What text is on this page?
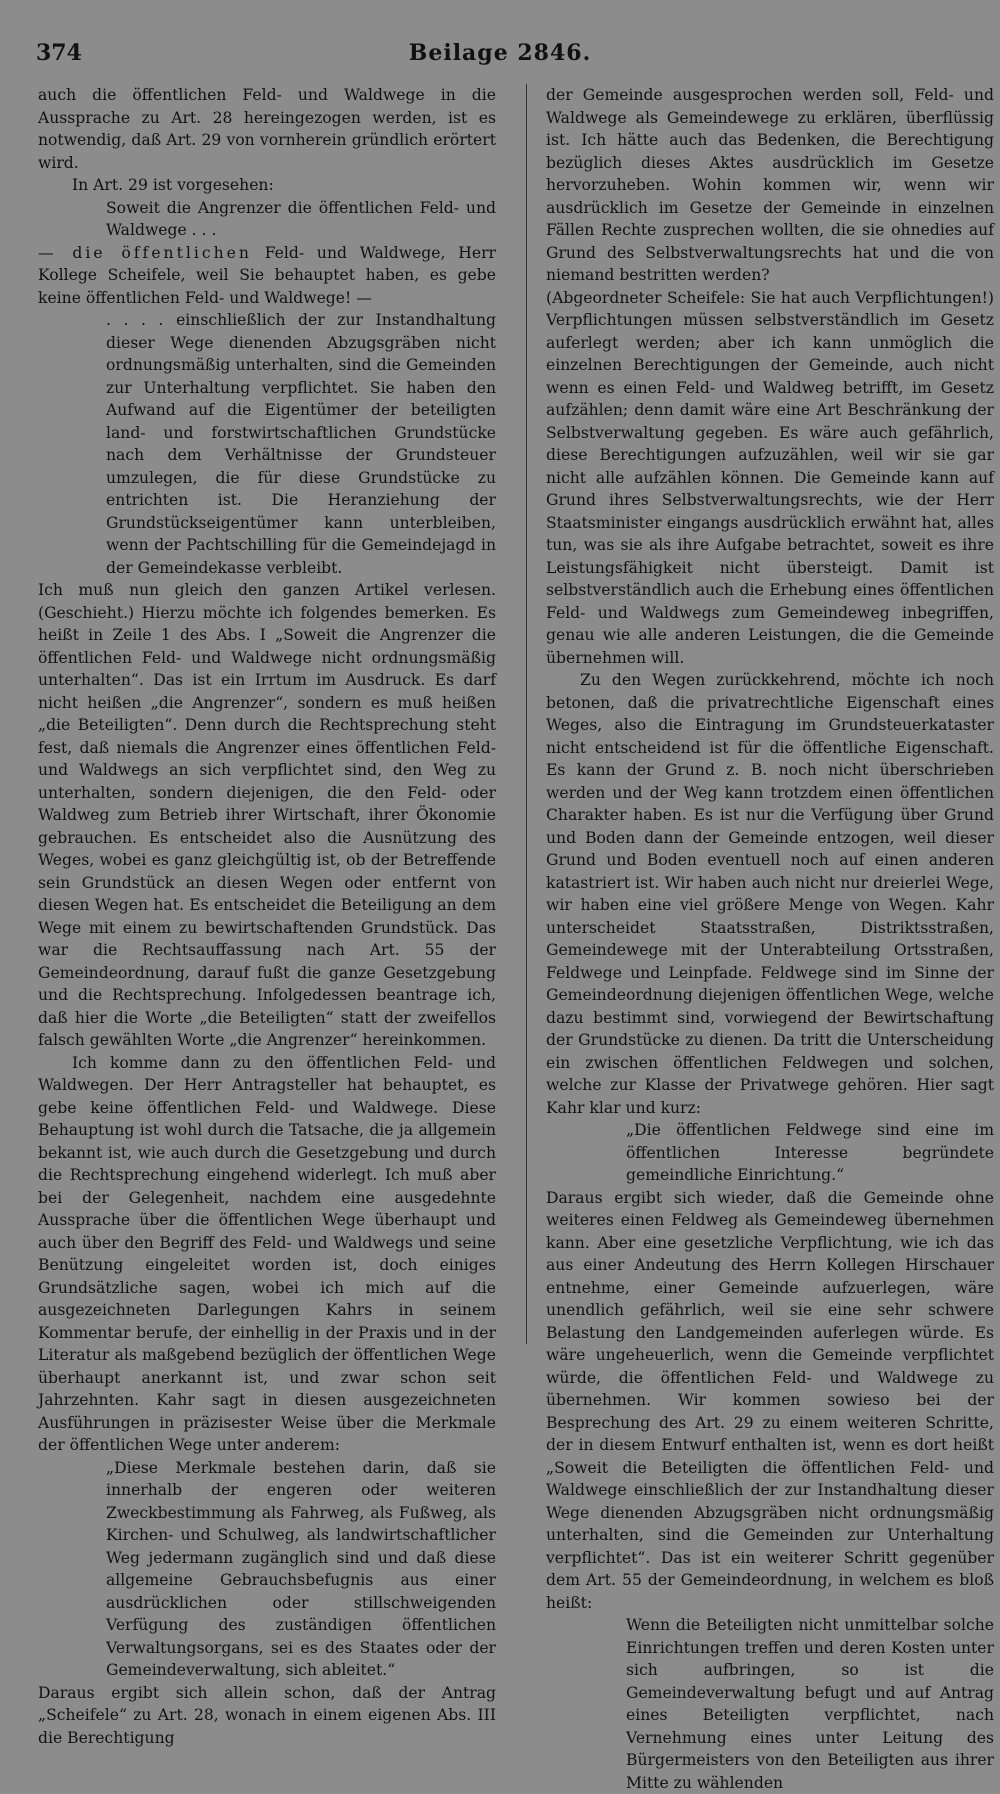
374	Beilage 2846.

auch die öffentlichen Feld- und Waldwege in die Aussprache zu Art. 28 hereingezogen werden, ist es notwendig, daß Art. 29 von vornherein gründlich erörtert wird.

In Art. 29 ist vorgesehen:

Soweit die Angrenzer die öffentlichen Feld- und Waldwege . . .

— die öffentlichen Feld- und Waldwege, Herr Kollege Scheifele, weil Sie behauptet haben, es gebe keine öffentlichen Feld- und Waldwege! —

. . . . einschließlich der zur Instandhaltung dieser Wege dienenden Abzugsgräben nicht ordnungsmäßig unterhalten, sind die Gemeinden zur Unterhaltung verpflichtet. Sie haben den Aufwand auf die Eigentümer der beteiligten land- und forstwirtschaftlichen Grundstücke nach dem Verhältnisse der Grundsteuer umzulegen, die für diese Grundstücke zu entrichten ist. Die Heranziehung der Grundstückseigentümer kann unterbleiben, wenn der Pachtschilling für die Gemeindejagd in der Gemeindekasse verbleibt.

Ich muß nun gleich den ganzen Artikel verlesen. (Geschieht.) Hierzu möchte ich folgendes bemerken. Es heißt in Zeile 1 des Abs. I „Soweit die Angrenzer die öffentlichen Feld- und Waldwege nicht ordnungsmäßig unterhalten“. Das ist ein Irrtum im Ausdruck. Es darf nicht heißen „die Angrenzer“, sondern es muß heißen „die Beteiligten“. Denn durch die Rechtsprechung steht fest, daß niemals die Angrenzer eines öffentlichen Feld- und Waldwegs an sich verpflichtet sind, den Weg zu unterhalten, sondern diejenigen, die den Feld- oder Waldweg zum Betrieb ihrer Wirtschaft, ihrer Ökonomie gebrauchen. Es entscheidet also die Ausnützung des Weges, wobei es ganz gleichgültig ist, ob der Betreffende sein Grundstück an diesen Wegen oder entfernt von diesen Wegen hat. Es entscheidet die Beteiligung an dem Wege mit einem zu bewirtschaftenden Grundstück. Das war die Rechtsauffassung nach Art. 55 der Gemeindeordnung, darauf fußt die ganze Gesetzgebung und die Rechtsprechung. Infolgedessen beantrage ich, daß hier die Worte „die Beteiligten“ statt der zweifellos falsch gewählten Worte „die Angrenzer“ hereinkommen.

Ich komme dann zu den öffentlichen Feld- und Waldwegen. Der Herr Antragsteller hat behauptet, es gebe keine öffentlichen Feld- und Waldwege. Diese Behauptung ist wohl durch die Tatsache, die ja allgemein bekannt ist, wie auch durch die Gesetzgebung und durch die Rechtsprechung eingehend widerlegt. Ich muß aber bei der Gelegenheit, nachdem eine ausgedehnte Aussprache über die öffentlichen Wege überhaupt und auch über den Begriff des Feld- und Waldwegs und seine Benützung eingeleitet worden ist, doch einiges Grundsätzliche sagen, wobei ich mich auf die ausgezeichneten Darlegungen Kahrs in seinem Kommentar berufe, der einhellig in der Praxis und in der Literatur als maßgebend bezüglich der öffentlichen Wege überhaupt anerkannt ist, und zwar schon seit Jahrzehnten. Kahr sagt in diesen ausgezeichneten Ausführungen in präzisester Weise über die Merkmale der öffentlichen Wege unter anderem:

„Diese Merkmale bestehen darin, daß sie innerhalb der engeren oder weiteren Zweckbestimmung als Fahrweg, als Fußweg, als Kirchen- und Schulweg, als landwirtschaftlicher Weg jedermann zugänglich sind und daß diese allgemeine Gebrauchsbefugnis aus einer ausdrücklichen oder stillschweigenden Verfügung des zuständigen öffentlichen Verwaltungsorgans, sei es des Staates oder der Gemeindeverwaltung, sich ableitet.“

Daraus ergibt sich allein schon, daß der Antrag „Scheifele“ zu Art. 28, wonach in einem eigenen Abs. III die Berechtigung

der Gemeinde ausgesprochen werden soll, Feld- und Waldwege als Gemeindewege zu erklären, überflüssig ist. Ich hätte auch das Bedenken, die Berechtigung bezüglich dieses Aktes ausdrücklich im Gesetze hervorzuheben. Wohin kommen wir, wenn wir ausdrücklich im Gesetze der Gemeinde in einzelnen Fällen Rechte zusprechen wollten, die sie ohnedies auf Grund des Selbstverwaltungsrechts hat und die von niemand bestritten werden?

(Abgeordneter Scheifele: Sie hat auch Verpflichtungen!) Verpflichtungen müssen selbstverständlich im Gesetz auferlegt werden; aber ich kann unmöglich die einzelnen Berechtigungen der Gemeinde, auch nicht wenn es einen Feld- und Waldweg betrifft, im Gesetz aufzählen; denn damit wäre eine Art Beschränkung der Selbstverwaltung gegeben. Es wäre auch gefährlich, diese Berechtigungen aufzuzählen, weil wir sie gar nicht alle aufzählen können. Die Gemeinde kann auf Grund ihres Selbstverwaltungsrechts, wie der Herr Staatsminister eingangs ausdrücklich erwähnt hat, alles tun, was sie als ihre Aufgabe betrachtet, soweit es ihre Leistungsfähigkeit nicht übersteigt. Damit ist selbstverständlich auch die Erhebung eines öffentlichen Feld- und Waldwegs zum Gemeindeweg inbegriffen, genau wie alle anderen Leistungen, die die Gemeinde übernehmen will.

Zu den Wegen zurückkehrend, möchte ich noch betonen, daß die privatrechtliche Eigenschaft eines Weges, also die Eintragung im Grundsteuerkataster nicht entscheidend ist für die öffentliche Eigenschaft. Es kann der Grund z. B. noch nicht überschrieben werden und der Weg kann trotzdem einen öffentlichen Charakter haben. Es ist nur die Verfügung über Grund und Boden dann der Gemeinde entzogen, weil dieser Grund und Boden eventuell noch auf einen anderen katastriert ist. Wir haben auch nicht nur dreierlei Wege, wir haben eine viel größere Menge von Wegen. Kahr unterscheidet Staatsstraßen, Distriktsstraßen, Gemeindewege mit der Unterabteilung Ortsstraßen, Feldwege und Leinpfade. Feldwege sind im Sinne der Gemeindeordnung diejenigen öffentlichen Wege, welche dazu bestimmt sind, vorwiegend der Bewirtschaftung der Grundstücke zu dienen. Da tritt die Unterscheidung ein zwischen öffentlichen Feldwegen und solchen, welche zur Klasse der Privatwege gehören. Hier sagt Kahr klar und kurz:

„Die öffentlichen Feldwege sind eine im öffentlichen Interesse begründete gemeindliche Einrichtung.“

Daraus ergibt sich wieder, daß die Gemeinde ohne weiteres einen Feldweg als Gemeindeweg übernehmen kann. Aber eine gesetzliche Verpflichtung, wie ich das aus einer Andeutung des Herrn Kollegen Hirschauer entnehme, einer Gemeinde aufzuerlegen, wäre unendlich gefährlich, weil sie eine sehr schwere Belastung den Landgemeinden auferlegen würde. Es wäre ungeheuerlich, wenn die Gemeinde verpflichtet würde, die öffentlichen Feld- und Waldwege zu übernehmen. Wir kommen sowieso bei der Besprechung des Art. 29 zu einem weiteren Schritte, der in diesem Entwurf enthalten ist, wenn es dort heißt „Soweit die Beteiligten die öffentlichen Feld- und Waldwege einschließlich der zur Instandhaltung dieser Wege dienenden Abzugsgräben nicht ordnungsmäßig unterhalten, sind die Gemeinden zur Unterhaltung verpflichtet“. Das ist ein weiterer Schritt gegenüber dem Art. 55 der Gemeindeordnung, in welchem es bloß heißt:

Wenn die Beteiligten nicht unmittelbar solche Einrichtungen treffen und deren Kosten unter sich aufbringen, so ist die Gemeindeverwaltung befugt und auf Antrag eines Beteiligten verpflichtet, nach Vernehmung eines unter Leitung des Bürgermeisters von den Beteiligten aus ihrer Mitte zu wählenden
